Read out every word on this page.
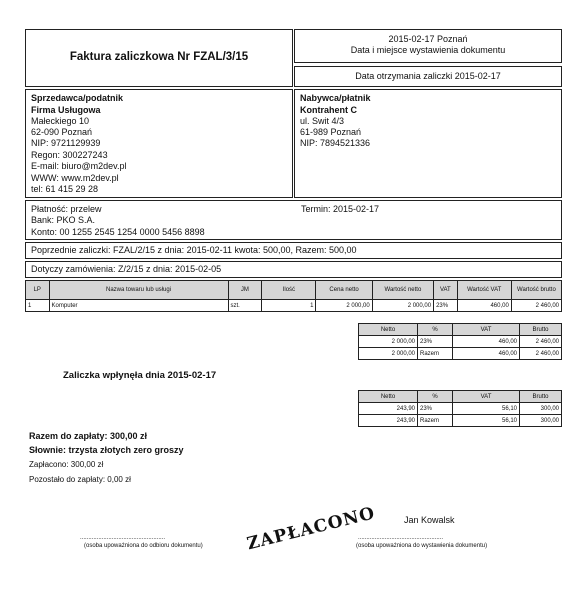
Faktura zaliczkowa Nr FZAL/3/15
2015-02-17 Poznań
Data i miejsce wystawienia dokumentu
Data otrzymania zaliczki 2015-02-17
Sprzedawca/podatnik
Firma Usługowa
Małeckiego 10
62-090 Poznań
NIP: 9721129939
Regon: 300227243
E-mail: biuro@m2dev.pl
WWW: www.m2dev.pl
tel: 61 415 29 28
Nabywca/płatnik
Kontrahent C
ul. Swit 4/3
61-989 Poznań
NIP: 7894521336
Płatność: przelew
Bank: PKO S.A.
Konto: 00 1255 2545 1254 0000 5456 8898
Termin: 2015-02-17
Poprzednie zaliczki: FZAL/2/15 z dnia: 2015-02-11 kwota: 500,00, Razem: 500,00
Dotyczy zamówienia: Z/2/15 z dnia: 2015-02-05
LP	Nazwa towaru lub usługi	JM	Ilość	Cena netto	Wartość netto	VAT	Wartość VAT	Wartość brutto
1	Komputer	szt.	1	2 000,00	2 000,00	23%	460,00	2 460,00
Netto	%	VAT	Brutto
2 000,00	23%	460,00	2 460,00
2 000,00	Razem	460,00	2 460,00
Zaliczka wpłynęła dnia 2015-02-17
Netto	%	VAT	Brutto
243,90	23%	56,10	300,00
243,90	Razem	56,10	300,00
Razem do zapłaty: 300,00 zł
Słownie: trzysta złotych zero groszy
Zapłacono: 300,00 zł
Pozostało do zapłaty: 0,00 zł
...................................................
(osoba upoważniona do odbioru dokumentu) ZAPŁACONO	Jan Kowalsk
...................................................
(osoba upoważniona do wystawienia dokumentu)
